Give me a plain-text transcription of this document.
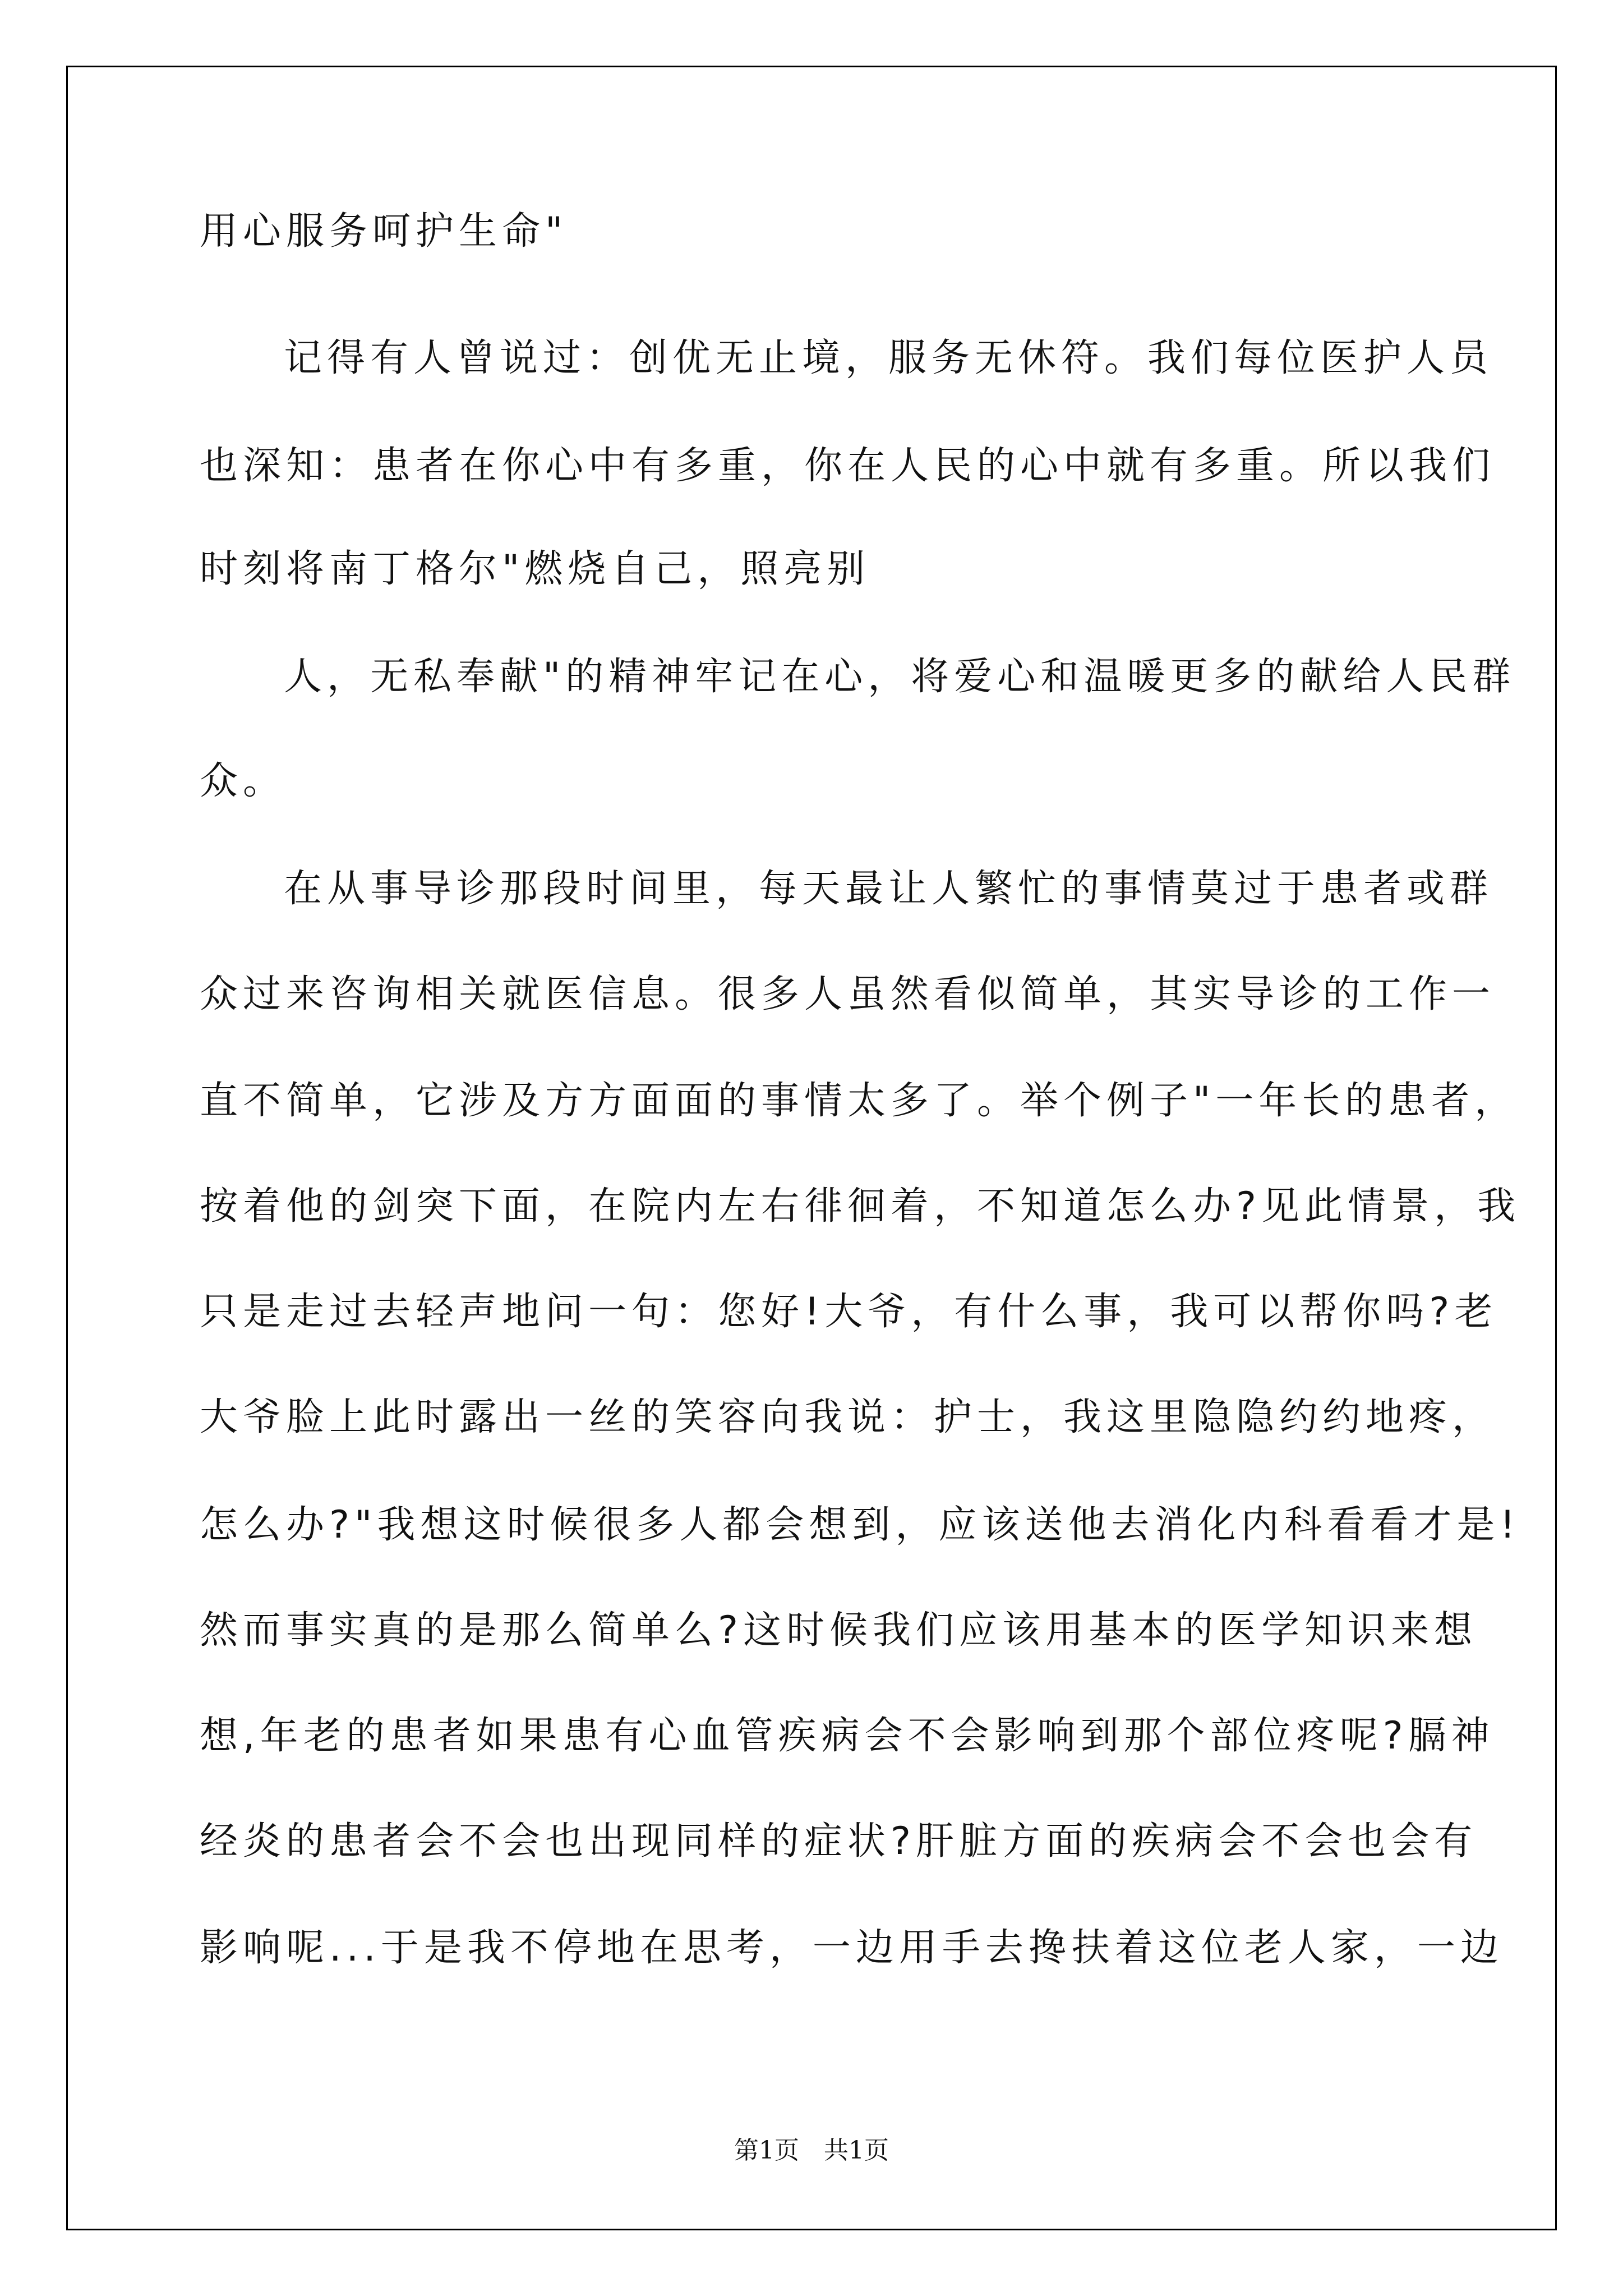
用心服务呵护生命"
记得有人曾说过：创优无止境，服务无休符。我们每位医护人员
也深知：患者在你心中有多重，你在人民的心中就有多重。所以我们
时刻将南丁格尔"燃烧自己，照亮别
人，无私奉献"的精神牢记在心，将爱心和温暖更多的献给人民群
众。
在从事导诊那段时间里，每天最让人繁忙的事情莫过于患者或群
众过来咨询相关就医信息。很多人虽然看似简单，其实导诊的工作一
直不简单，它涉及方方面面的事情太多了。举个例子"一年长的患者，
按着他的剑突下面，在院内左右徘徊着，不知道怎么办?见此情景，我
只是走过去轻声地问一句：您好!大爷，有什么事，我可以帮你吗?老
大爷脸上此时露出一丝的笑容向我说：护士，我这里隐隐约约地疼，
怎么办?"我想这时候很多人都会想到，应该送他去消化内科看看才是!
然而事实真的是那么简单么?这时候我们应该用基本的医学知识来想
想,年老的患者如果患有心血管疾病会不会影响到那个部位疼呢?膈神
经炎的患者会不会也出现同样的症状?肝脏方面的疾病会不会也会有
影响呢...于是我不停地在思考，一边用手去搀扶着这位老人家，一边
第1页　共1页
